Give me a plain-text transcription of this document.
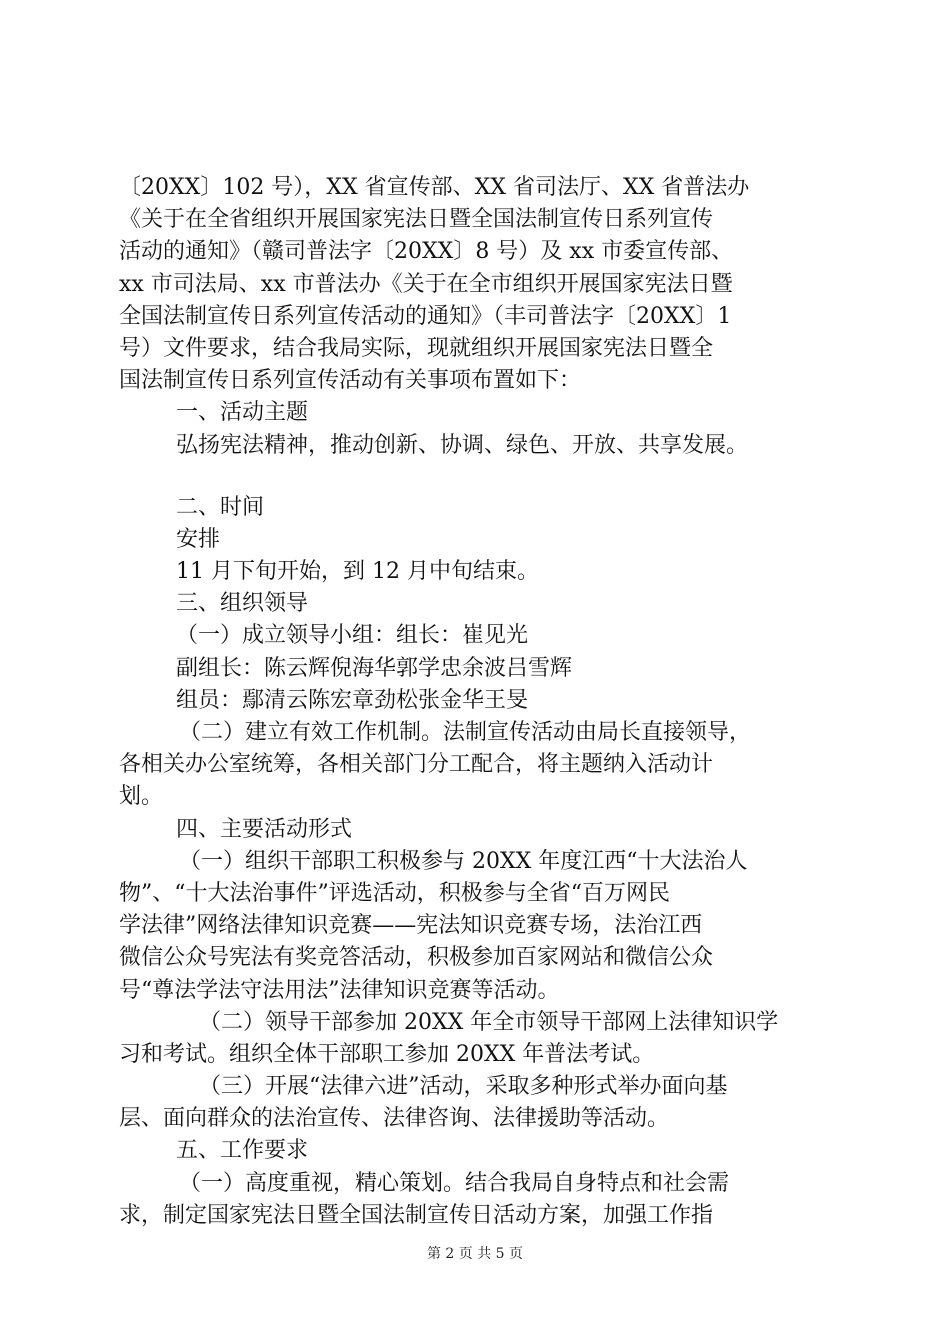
〔20XX〕102 号），XX 省宣传部、XX 省司法厅、XX 省普法办
《关于在全省组织开展国家宪法日暨全国法制宣传日系列宣传
活动的通知》（赣司普法字〔20XX〕8 号）及 xx 市委宣传部、
xx 市司法局、xx 市普法办《关于在全市组织开展国家宪法日暨
全国法制宣传日系列宣传活动的通知》（丰司普法字〔20XX〕1
号）文件要求，结合我局实际，现就组织开展国家宪法日暨全
国法制宣传日系列宣传活动有关事项布置如下：
一、活动主题
弘扬宪法精神，推动创新、协调、绿色、开放、共享发展。
二、时间
安排
11 月下旬开始，到 12 月中旬结束。
三、组织领导
（一）成立领导小组：组长：崔见光
副组长：陈云辉倪海华郭学忠余波吕雪辉
组员：鄢清云陈宏章劲松张金华王旻
（二）建立有效工作机制。法制宣传活动由局长直接领导，
各相关办公室统筹，各相关部门分工配合，将主题纳入活动计
划。
四、主要活动形式
（一）组织干部职工积极参与 20XX 年度江西“十大法治人
物”、“十大法治事件”评选活动，积极参与全省“百万网民
学法律”网络法律知识竞赛——宪法知识竞赛专场，法治江西
微信公众号宪法有奖竞答活动，积极参加百家网站和微信公众
号“尊法学法守法用法”法律知识竞赛等活动。
（二）领导干部参加 20XX 年全市领导干部网上法律知识学
习和考试。组织全体干部职工参加 20XX 年普法考试。
（三）开展“法律六进”活动，采取多种形式举办面向基
层、面向群众的法治宣传、法律咨询、法律援助等活动。
五、工作要求
（一）高度重视，精心策划。结合我局自身特点和社会需
求，制定国家宪法日暨全国法制宣传日活动方案，加强工作指
第 2 页 共 5 页
